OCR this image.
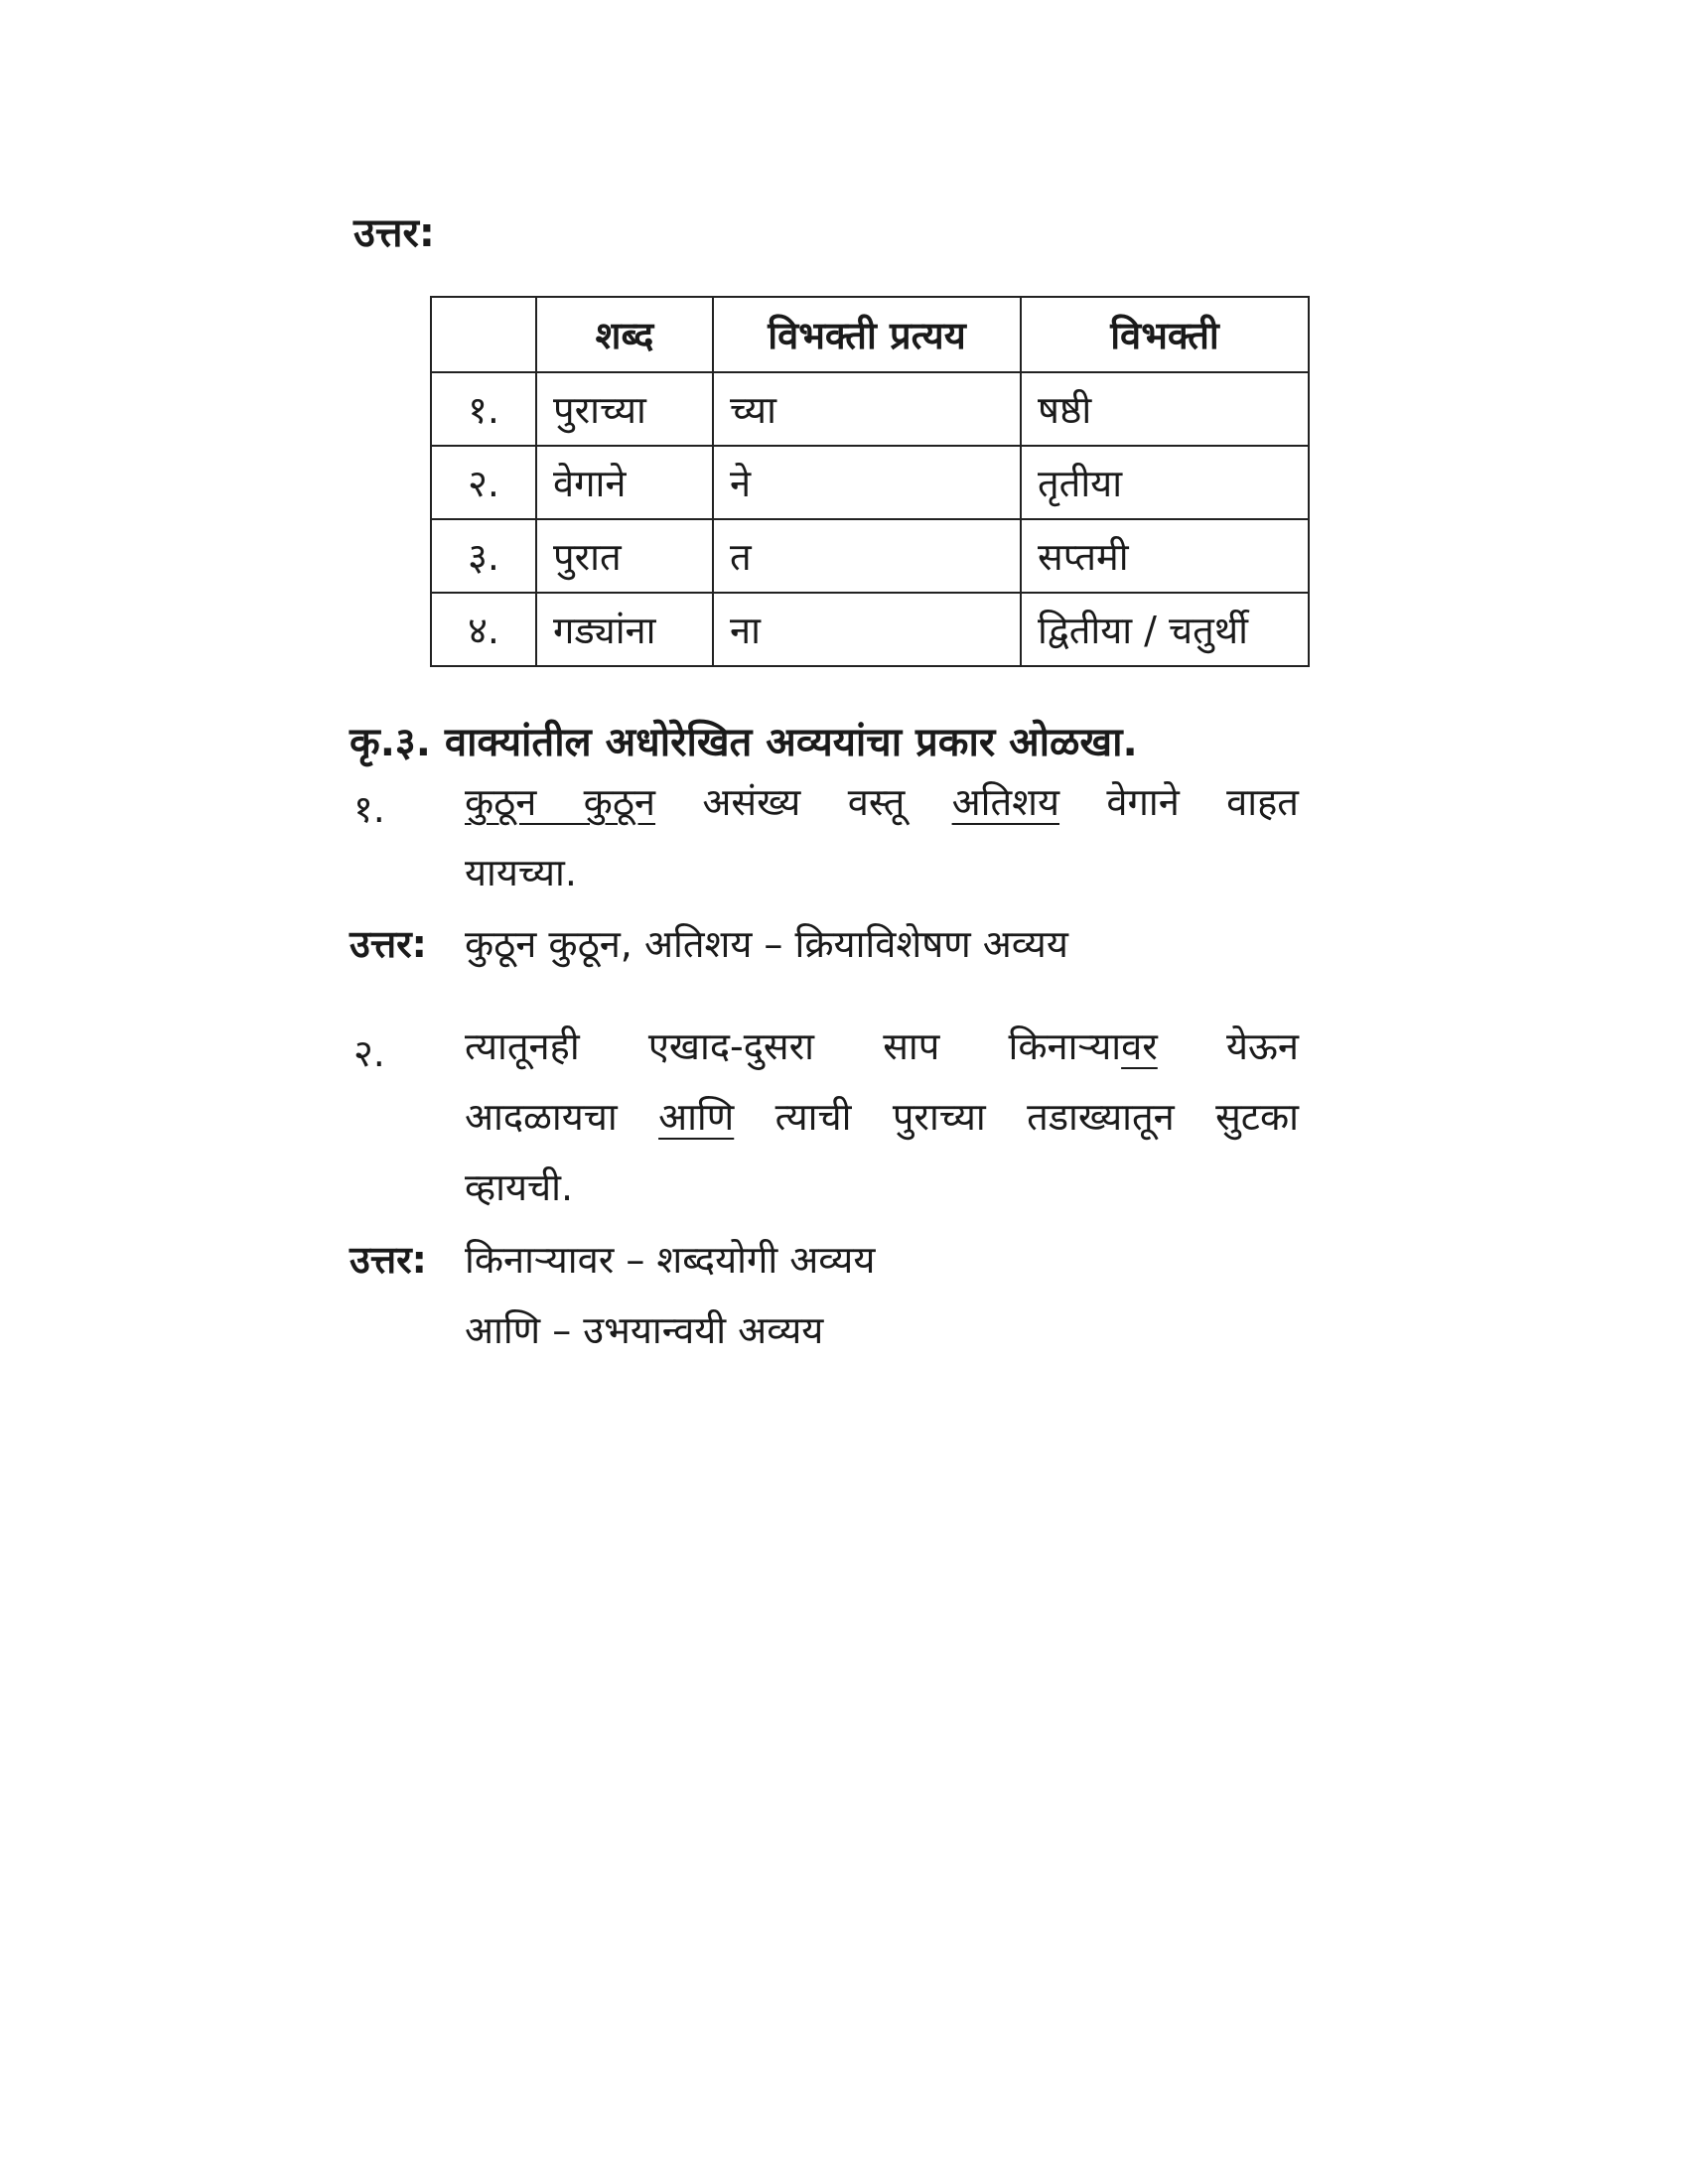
उत्तर:
	शब्द	विभक्ती प्रत्यय	विभक्ती
१.	पुराच्या	च्या	षष्ठी
२.	वेगाने	ने	तृतीया
३.	पुरात	त	सप्तमी
४.	गड्यांना	ना	द्वितीया / चतुर्थी
कृ.३. वाक्यांतील अधोरेखित अव्ययांचा प्रकार ओळखा.
१. कुठून कुठून असंख्य वस्तू अतिशय वेगाने वाहत
यायच्या.
उत्तर: कुठून कुठून, अतिशय – क्रियाविशेषण अव्यय
२. त्यातूनही एखाद-दुसरा साप किनाऱ्यावर येऊन
आदळायचा आणि त्याची पुराच्या तडाख्यातून सुटका
व्हायची.
उत्तर: किनाऱ्यावर – शब्दयोगी अव्यय
आणि – उभयान्वयी अव्यय
